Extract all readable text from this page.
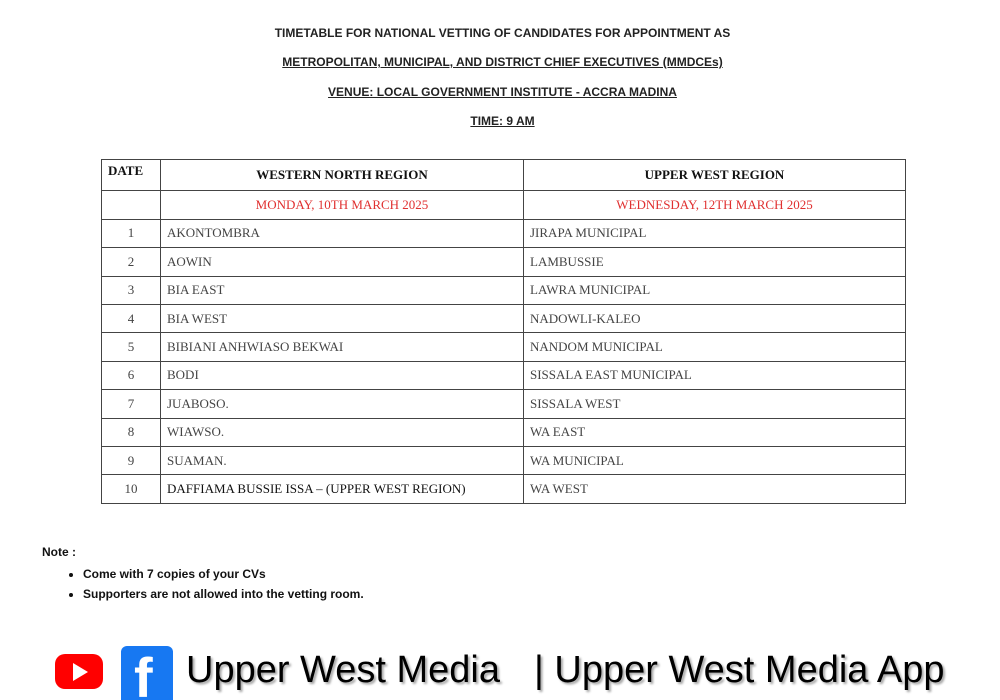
TIMETABLE FOR NATIONAL VETTING OF CANDIDATES FOR APPOINTMENT AS
METROPOLITAN, MUNICIPAL, AND DISTRICT CHIEF EXECUTIVES (MMDCEs)
VENUE: LOCAL GOVERNMENT INSTITUTE - ACCRA MADINA
TIME: 9 AM
DATE	WESTERN NORTH REGION	UPPER WEST REGION
	MONDAY, 10TH MARCH 2025	WEDNESDAY, 12TH MARCH 2025
1	AKONTOMBRA	JIRAPA MUNICIPAL
2	AOWIN	LAMBUSSIE
3	BIA EAST	LAWRA MUNICIPAL
4	BIA WEST	NADOWLI-KALEO
5	BIBIANI ANHWIASO BEKWAI	NANDOM MUNICIPAL
6	BODI	SISSALA EAST MUNICIPAL
7	JUABOSO.	SISSALA WEST
8	WIAWSO.	WA EAST
9	SUAMAN.	WA MUNICIPAL
10	DAFFIAMA BUSSIE ISSA – (UPPER WEST REGION)	WA WEST
Note :
• Come with 7 copies of your CVs
• Supporters are not allowed into the vetting room.
f Upper West Media | Upper West Media App
